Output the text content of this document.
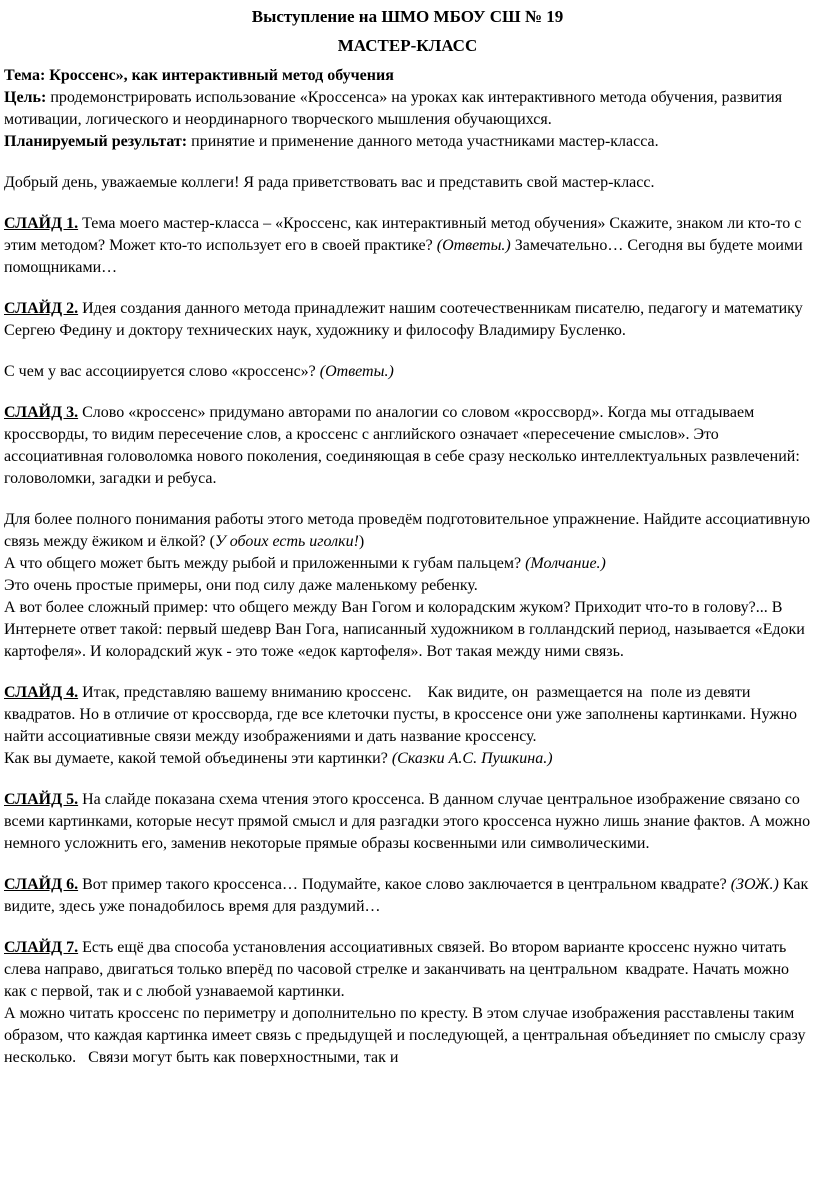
Выступление на ШМО МБОУ СШ № 19

МАСТЕР-КЛАСС

Тема: Кроссенс», как интерактивный метод обучения

Цель: продемонстрировать использование «Кроссенса» на уроках как интерактивного метода обучения, развития мотивации, логического и неординарного творческого мышления обучающихся.

Планируемый результат: принятие и применение данного метода участниками мастер-класса.

Добрый день, уважаемые коллеги! Я рада приветствовать вас и представить свой мастер-класс.

СЛАЙД 1. Тема моего мастер-класса – «Кроссенс, как интерактивный метод обучения» Скажите, знаком ли кто-то с этим методом? Может кто-то использует его в своей практике? (Ответы.) Замечательно… Сегодня вы будете моими помощниками…

СЛАЙД 2. Идея создания данного метода принадлежит нашим соотечественникам писателю, педагогу и математику Сергею Федину и доктору технических наук, художнику и философу Владимиру Бусленко.

С чем у вас ассоциируется слово «кроссенс»? (Ответы.)

СЛАЙД 3. Слово «кроссенс» придумано авторами по аналогии со словом «кроссворд». Когда мы отгадываем кроссворды, то видим пересечение слов, а кроссенс с английского означает «пересечение смыслов». Это ассоциативная головоломка нового поколения, соединяющая в себе сразу несколько интеллектуальных развлечений: головоломки, загадки и ребуса.

Для более полного понимания работы этого метода проведём подготовительное упражнение. Найдите ассоциативную связь между ёжиком и ёлкой? (У обоих есть иголки!)

А что общего может быть между рыбой и приложенными к губам пальцем? (Молчание.)

Это очень простые примеры, они под силу даже маленькому ребенку.

А вот более сложный пример: что общего между Ван Гогом и колорадским жуком? Приходит что-то в голову?... В Интернете ответ такой: первый шедевр Ван Гога, написанный художником в голландский период, называется «Едоки картофеля». И колорадский жук - это тоже «едок картофеля». Вот такая между ними связь.

СЛАЙД 4. Итак, представляю вашему вниманию кроссенс.    Как видите, он  размещается на  поле из девяти квадратов. Но в отличие от кроссворда, где все клеточки пусты, в кроссенсе они уже заполнены картинками. Нужно найти ассоциативные связи между изображениями и дать название кроссенсу.

Как вы думаете, какой темой объединены эти картинки? (Сказки А.С. Пушкина.)

СЛАЙД 5. На слайде показана схема чтения этого кроссенса. В данном случае центральное изображение связано со всеми картинками, которые несут прямой смысл и для разгадки этого кроссенса нужно лишь знание фактов. А можно немного усложнить его, заменив некоторые прямые образы косвенными или символическими.

СЛАЙД 6. Вот пример такого кроссенса… Подумайте, какое слово заключается в центральном квадрате? (ЗОЖ.) Как видите, здесь уже понадобилось время для раздумий…

СЛАЙД 7. Есть ещё два способа установления ассоциативных связей. Во втором варианте кроссенс нужно читать слева направо, двигаться только вперёд по часовой стрелке и заканчивать на центральном  квадрате. Начать можно как с первой, так и с любой узнаваемой картинки.

А можно читать кроссенс по периметру и дополнительно по кресту. В этом случае изображения расставлены таким образом, что каждая картинка имеет связь с предыдущей и последующей, а центральная объединяет по смыслу сразу несколько.   Связи могут быть как поверхностными, так и
